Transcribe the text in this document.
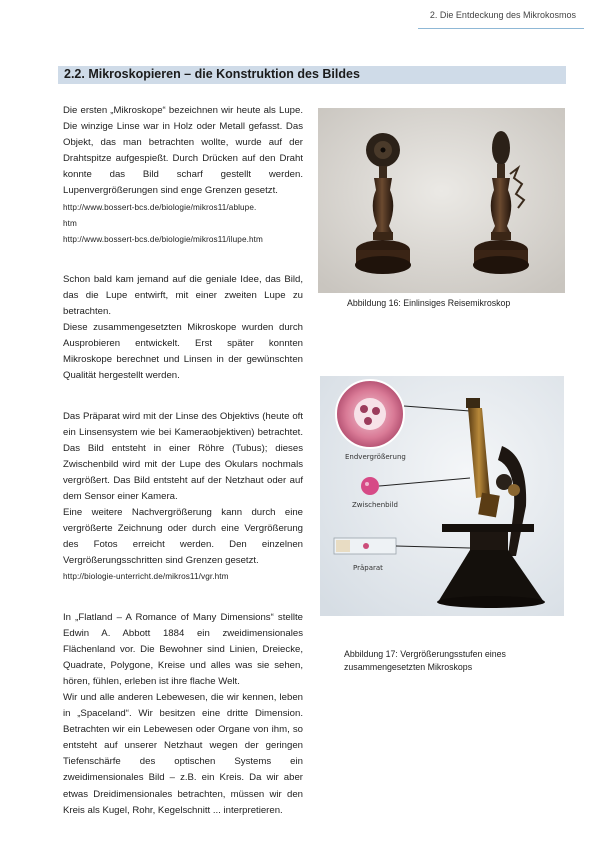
2. Die Entdeckung des Mikrokosmos
2.2. Mikroskopieren – die Konstruktion des Bildes

Die ersten „Mikroskope“ bezeichnen wir heute als Lupe. Die winzige Linse war in Holz oder Metall gefasst. Das Objekt, das man betrachten wollte, wurde auf der Drahtspitze aufgespießt. Durch Drücken auf den Draht konnte das Bild scharf gestellt werden. Lupenvergrößerungen sind enge Grenzen gesetzt.
http://www.bossert-bcs.de/biologie/mikros11/ablupe.
htm
http://www.bossert-bcs.de/biologie/mikros11/ilupe.htm

Schon bald kam jemand auf die geniale Idee, das Bild, das die Lupe entwirft, mit einer zweiten Lupe zu betrachten.
Diese zusammengesetzten Mikroskope wurden durch Ausprobieren entwickelt. Erst später konnten Mikroskope berechnet und Linsen in der gewünschten Qualität hergestellt werden.

Das Präparat wird mit der Linse des Objektivs (heute oft ein Linsensystem wie bei Kameraobjektiven) betrachtet. Das Bild entsteht in einer Röhre (Tubus); dieses Zwischenbild wird mit der Lupe des Okulars nochmals vergrößert. Das Bild entsteht auf der Netzhaut oder auf dem Sensor einer Kamera.
Eine weitere Nachvergrößerung kann durch eine vergrößerte Zeichnung oder durch eine Vergrößerung des Fotos erreicht werden. Den einzelnen Vergrößerungsschritten sind Grenzen gesetzt.
http://biologie-unterricht.de/mikros11/vgr.htm

In „Flatland – A Romance of Many Dimensions“ stellte Edwin A. Abbott 1884 ein zweidimensionales Flächenland vor. Die Bewohner sind Linien, Dreiecke, Quadrate, Polygone, Kreise und alles was sie sehen, hören, fühlen, erleben ist ihre flache Welt.
Wir und alle anderen Lebewesen, die wir kennen, leben in „Spaceland“. Wir besitzen eine dritte Dimension. Betrachten wir ein Lebewesen oder Organe von ihm, so entsteht auf unserer Netzhaut wegen der geringen Tiefenschärfe des optischen Systems ein zweidimensionales Bild – z.B. ein Kreis. Da wir aber etwas Dreidimensionales betrachten, müssen wir den Kreis als Kugel, Rohr, Kegelschnitt ... interpretieren.

Abbildung 16: Einlinsiges Reisemikroskop
Endvergrößerung
Zwischenbild
Präparat
Abbildung 17: Vergrößerungsstufen eines zusammengesetzten Mikroskops
